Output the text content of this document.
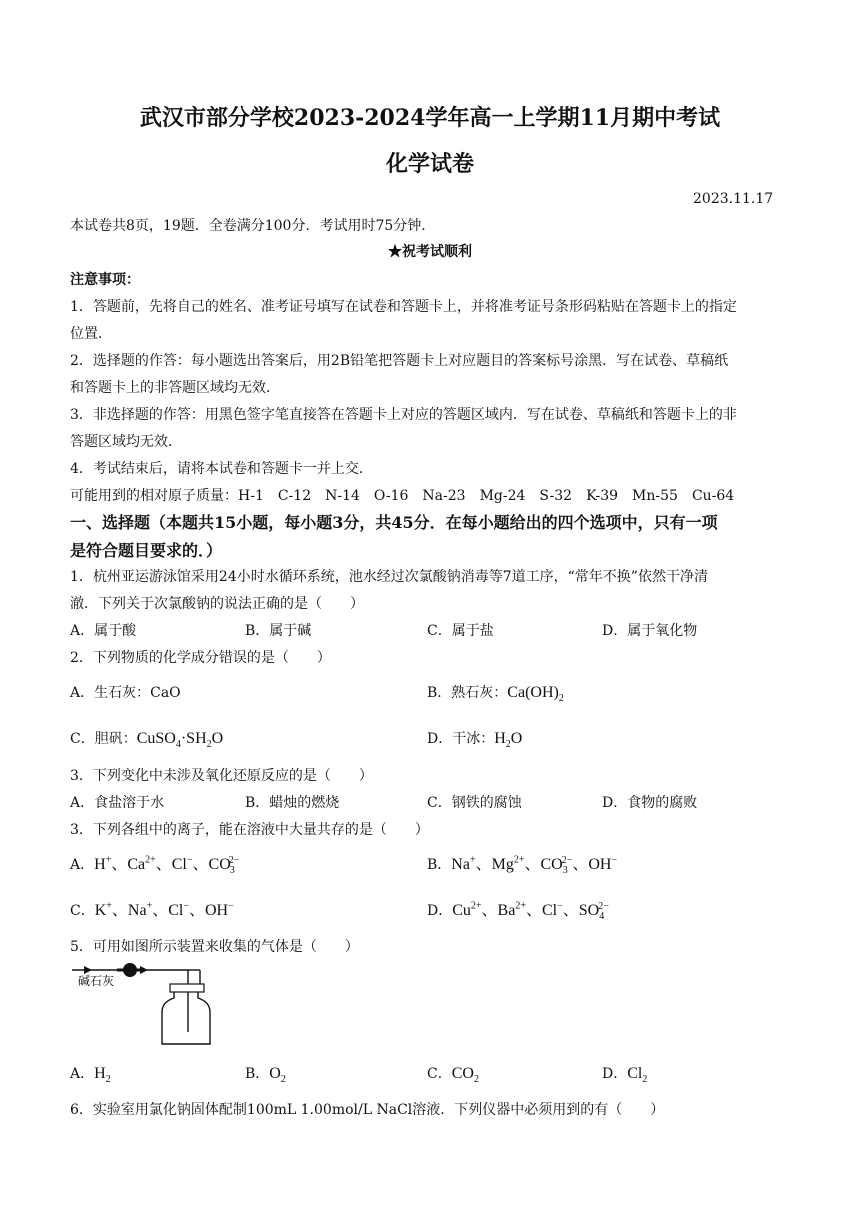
武汉市部分学校2023-2024学年高一上学期11月期中考试
化学试卷
2023.11.17
本试卷共8页，19题．全卷满分100分．考试用时75分钟．
★祝考试顺利
注意事项：
1．答题前，先将自己的姓名、准考证号填写在试卷和答题卡上，并将准考证号条形码粘贴在答题卡上的指定
位置．
2．选择题的作答：每小题选出答案后，用2B铅笔把答题卡上对应题目的答案标号涂黑．写在试卷、草稿纸
和答题卡上的非答题区域均无效．
3．非选择题的作答：用黑色签字笔直接答在答题卡上对应的答题区域内．写在试卷、草稿纸和答题卡上的非
答题区域均无效．
4．考试结束后，请将本试卷和答题卡一并上交．
可能用到的相对原子质量：H-1　C-12　N-14　O-16　Na-23　Mg-24　S-32　K-39　Mn-55　Cu-64
一、选择题（本题共15小题，每小题3分，共45分．在每小题给出的四个选项中，只有一项
是符合题目要求的．）
1．杭州亚运游泳馆采用24小时水循环系统，池水经过次氯酸钠消毒等7道工序，“常年不换”依然干净清
澈．下列关于次氯酸钠的说法正确的是（　　）
A．属于酸	B．属于碱	C．属于盐	D．属于氧化物
2．下列物质的化学成分错误的是（　　）
A．生石灰：CaO	B．熟石灰：$Ca(OH)_2$
C．胆矾：$CuSO_4\cdot SH_2O$	D．干冰：$H_2O$
3．下列变化中未涉及氧化还原反应的是（　　）
A．食盐溶于水	B．蜡烛的燃烧	C．钢铁的腐蚀	D．食物的腐败
3．下列各组中的离子，能在溶液中大量共存的是（　　）
A．H+、$Ca^{2+}$、Cl−、$CO_3^{2-}$	B．Na+、$Mg^{2+}$、$CO_3^{2-}$、OH−
C．K+、Na+、Cl−、OH−	D．$Cu^{2+}$、$Ba^{2+}$、Cl−、$SO_4^{2-}$
5．可用如图所示装置来收集的气体是（　　）
碱石灰
A．$H_2$	B．$O_2$	C．$CO_2$	D．$Cl_2$
6．实验室用氯化钠固体配制100mL 1.00mol/L NaCl溶液．下列仪器中必须用到的有（　　）
